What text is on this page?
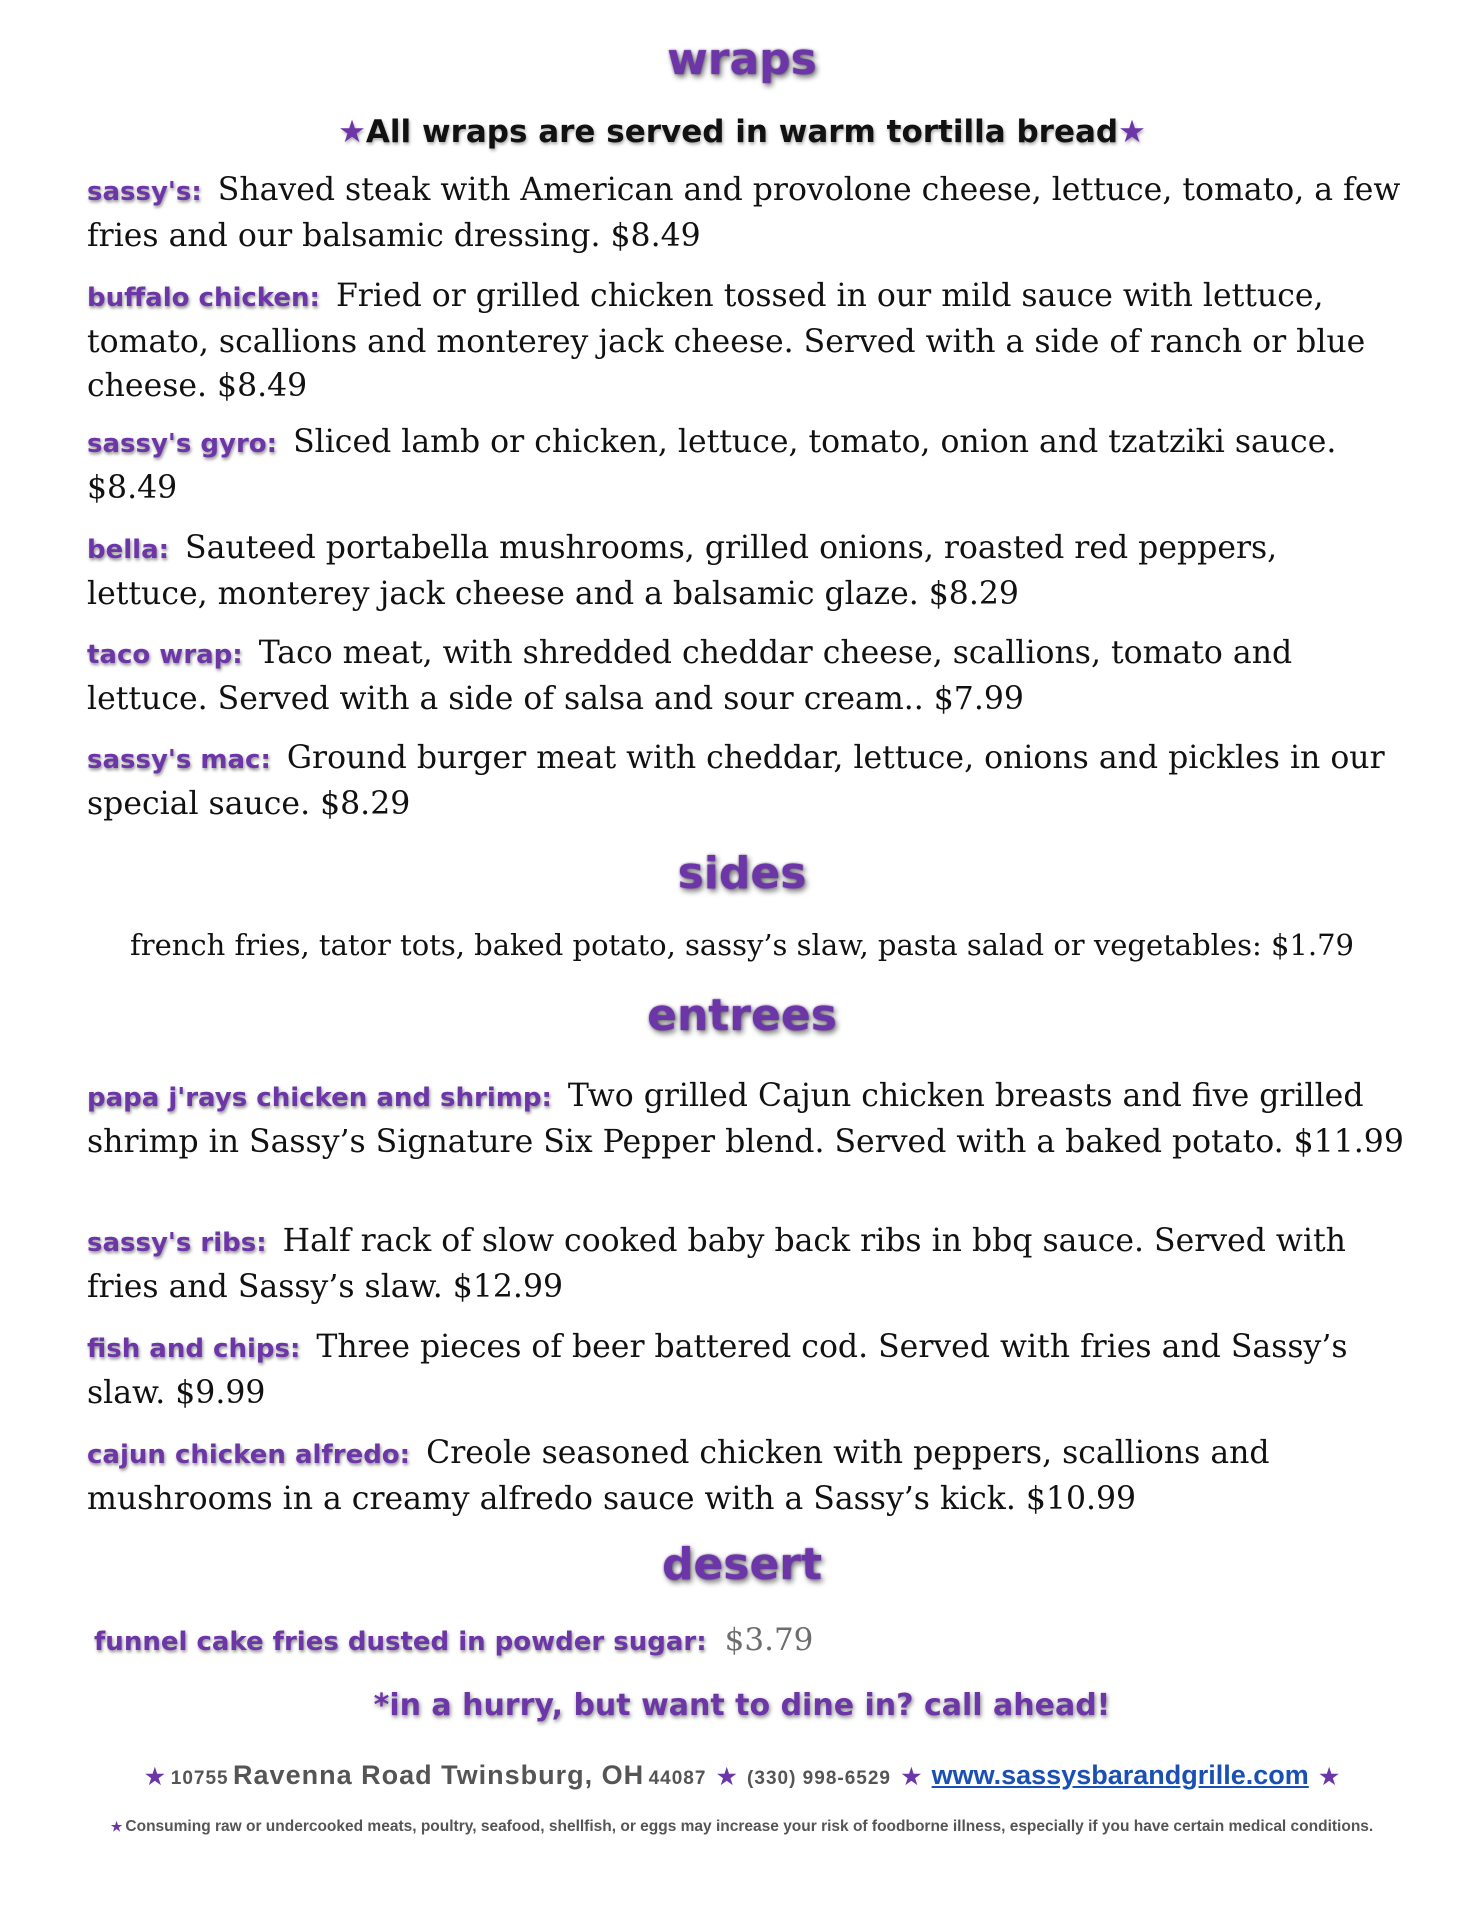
wraps
★All wraps are served in warm tortilla bread★
sassy's: Shaved steak with American and provolone cheese, lettuce, tomato, a few fries and our balsamic dressing. $8.49
buffalo chicken: Fried or grilled chicken tossed in our mild sauce with lettuce, tomato, scallions and monterey jack cheese. Served with a side of ranch or blue cheese. $8.49
sassy's gyro: Sliced lamb or chicken, lettuce, tomato, onion and tzatziki sauce. $8.49
bella: Sauteed portabella mushrooms, grilled onions, roasted red peppers, lettuce, monterey jack cheese and a balsamic glaze. $8.29
taco wrap: Taco meat, with shredded cheddar cheese, scallions, tomato and lettuce. Served with a side of salsa and sour cream.. $7.99
sassy's mac: Ground burger meat with cheddar, lettuce, onions and pickles in our special sauce. $8.29
sides
french fries, tator tots, baked potato, sassy’s slaw, pasta salad or vegetables: $1.79
entrees
papa j'rays chicken and shrimp: Two grilled Cajun chicken breasts and five grilled shrimp in Sassy’s Signature Six Pepper blend. Served with a baked potato. $11.99
sassy's ribs: Half rack of slow cooked baby back ribs in bbq sauce. Served with fries and Sassy’s slaw. $12.99
fish and chips: Three pieces of beer battered cod. Served with fries and Sassy’s slaw. $9.99
cajun chicken alfredo: Creole seasoned chicken with peppers, scallions and mushrooms in a creamy alfredo sauce with a Sassy’s kick. $10.99
desert
funnel cake fries dusted in powder sugar: $3.79
*in a hurry, but want to dine in? call ahead!
★ 10755 Ravenna Road Twinsburg, OH 44087 ★ (330) 998-6529 ★ www.sassysbarandgrille.com ★
★ Consuming raw or undercooked meats, poultry, seafood, shellfish, or eggs may increase your risk of foodborne illness, especially if you have certain medical conditions.
